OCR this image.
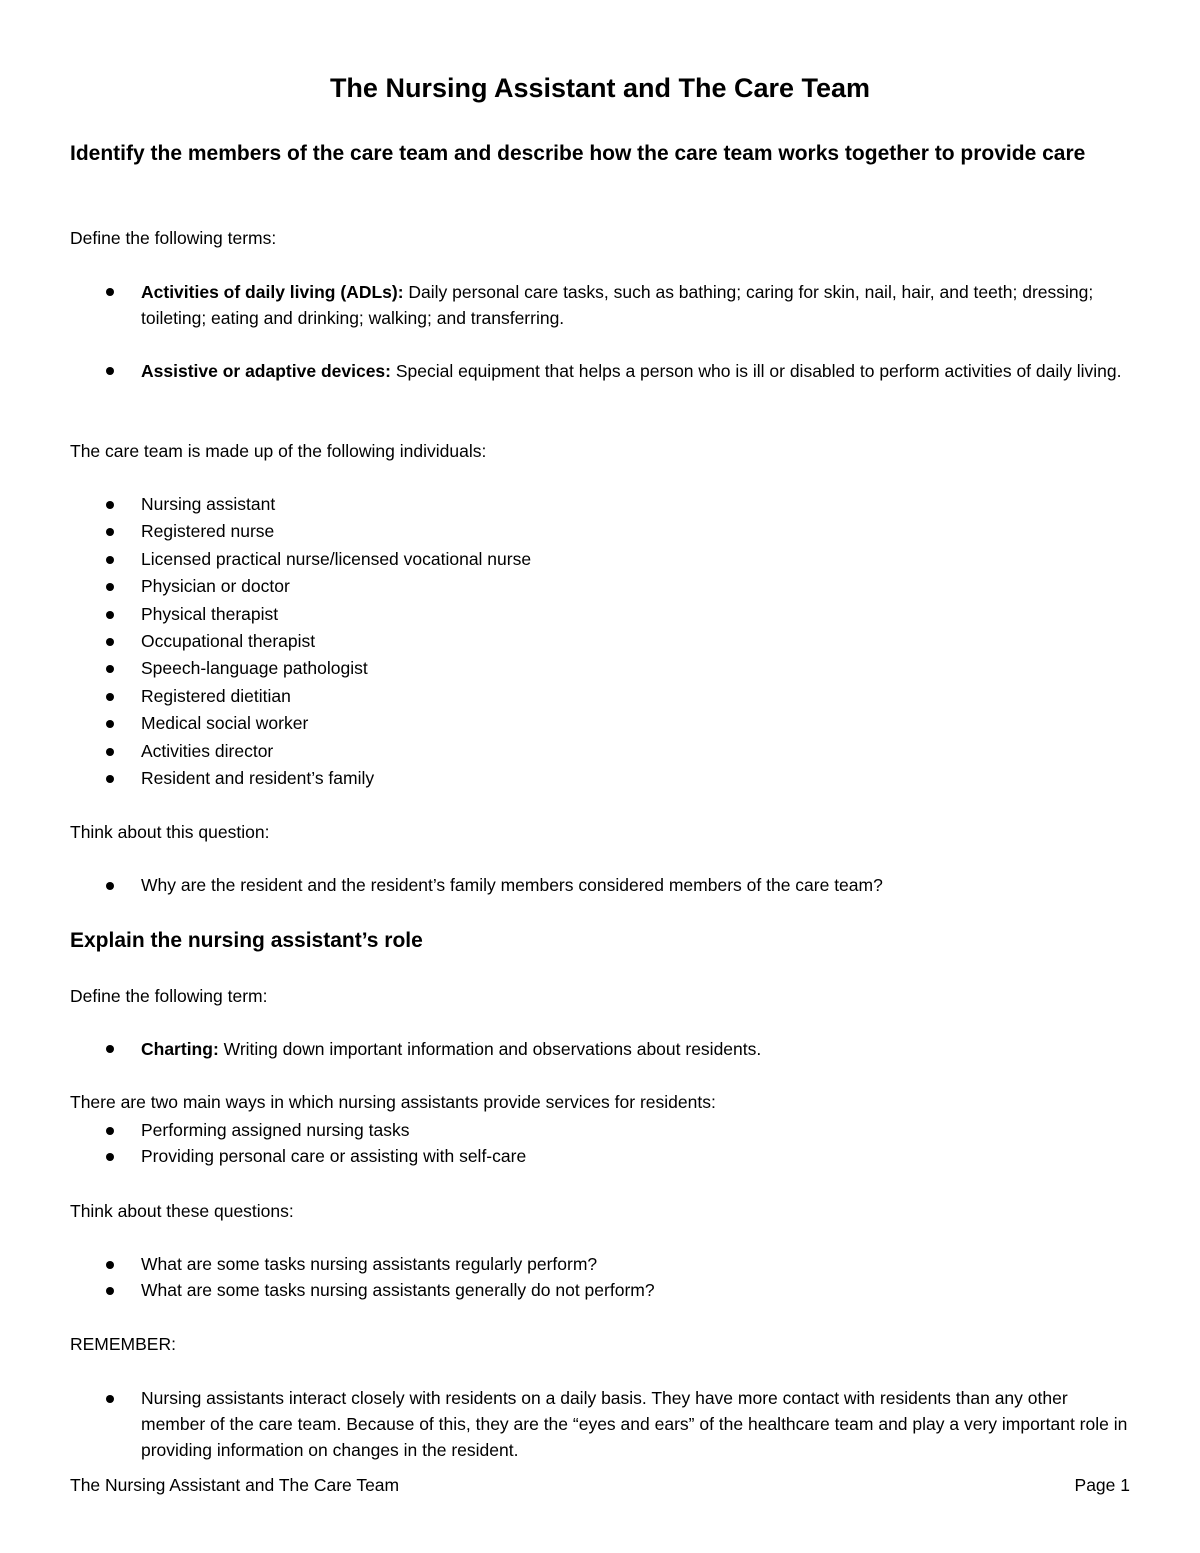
The Nursing Assistant and The Care Team
Identify the members of the care team and describe how the care team works together to provide care

Define the following terms:

Activities of daily living (ADLs): Daily personal care tasks, such as bathing; caring for skin, nail, hair, and teeth; dressing; toileting; eating and drinking; walking; and transferring.
Assistive or adaptive devices: Special equipment that helps a person who is ill or disabled to perform activities of daily living.

The care team is made up of the following individuals:

Nursing assistant
Registered nurse
Licensed practical nurse/licensed vocational nurse
Physician or doctor
Physical therapist
Occupational therapist
Speech-language pathologist
Registered dietitian
Medical social worker
Activities director
Resident and resident’s family

Think about this question:

Why are the resident and the resident’s family members considered members of the care team?
Explain the nursing assistant’s role

Define the following term:

Charting: Writing down important information and observations about residents.

There are two main ways in which nursing assistants provide services for residents:

Performing assigned nursing tasks
Providing personal care or assisting with self-care

Think about these questions:

What are some tasks nursing assistants regularly perform?
What are some tasks nursing assistants generally do not perform?

REMEMBER:

Nursing assistants interact closely with residents on a daily basis. They have more contact with residents than any other member of the care team. Because of this, they are the “eyes and ears” of the healthcare team and play a very important role in providing information on changes in the resident.
The Nursing Assistant and The Care Team	Page 1
